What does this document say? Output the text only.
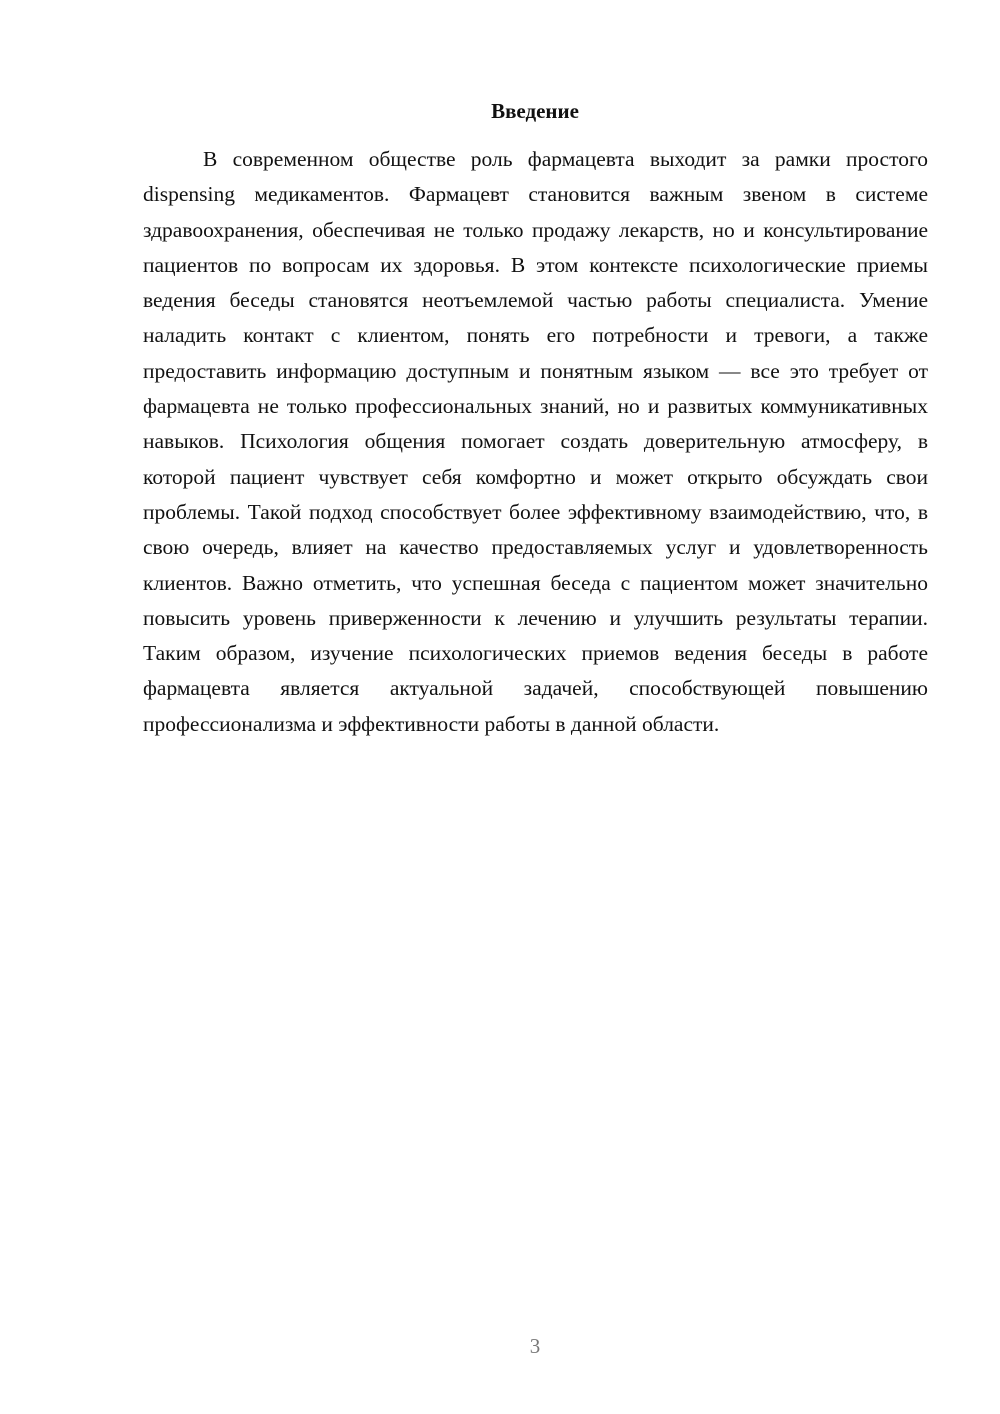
Введение

В современном обществе роль фармацевта выходит за рамки простого dispensing медикаментов. Фармацевт становится важным звеном в системе здравоохранения, обеспечивая не только продажу лекарств, но и консультирование пациентов по вопросам их здоровья. В этом контексте психологические приемы ведения беседы становятся неотъемлемой частью работы специалиста. Умение наладить контакт с клиентом, понять его потребности и тревоги, а также предоставить информацию доступным и понятным языком — все это требует от фармацевта не только профессиональных знаний, но и развитых коммуникативных навыков. Психология общения помогает создать доверительную атмосферу, в которой пациент чувствует себя комфортно и может открыто обсуждать свои проблемы. Такой подход способствует более эффективному взаимодействию, что, в свою очередь, влияет на качество предоставляемых услуг и удовлетворенность клиентов. Важно отметить, что успешная беседа с пациентом может значительно повысить уровень приверженности к лечению и улучшить результаты терапии. Таким образом, изучение психологических приемов ведения беседы в работе фармацевта является актуальной задачей, способствующей повышению профессионализма и эффективности работы в данной области.

3
